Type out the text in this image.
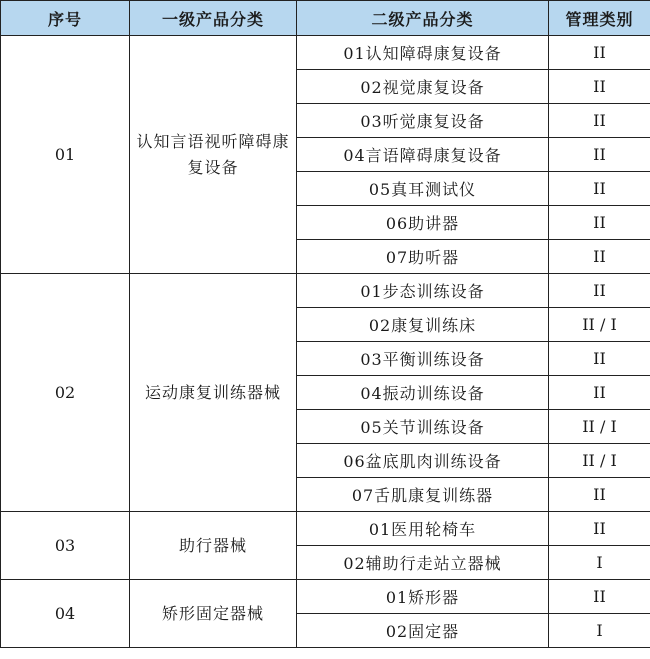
序号	一级产品分类	二级产品分类	管理类别
01	认知言语视听障碍康复设备	01认知障碍康复设备	II
		02视觉康复设备	II
		03听觉康复设备	II
		04言语障碍康复设备	II
		05真耳测试仪	II
		06助讲器	II
		07助听器	II
02	运动康复训练器械	01步态训练设备	II
		02康复训练床	II / I
		03平衡训练设备	II
		04振动训练设备	II
		05关节训练设备	II / I
		06盆底肌肉训练设备	II / I
		07舌肌康复训练器	II
03	助行器械	01医用轮椅车	II
		02辅助行走站立器械	I
04	矫形固定器械	01矫形器	II
		02固定器	I
